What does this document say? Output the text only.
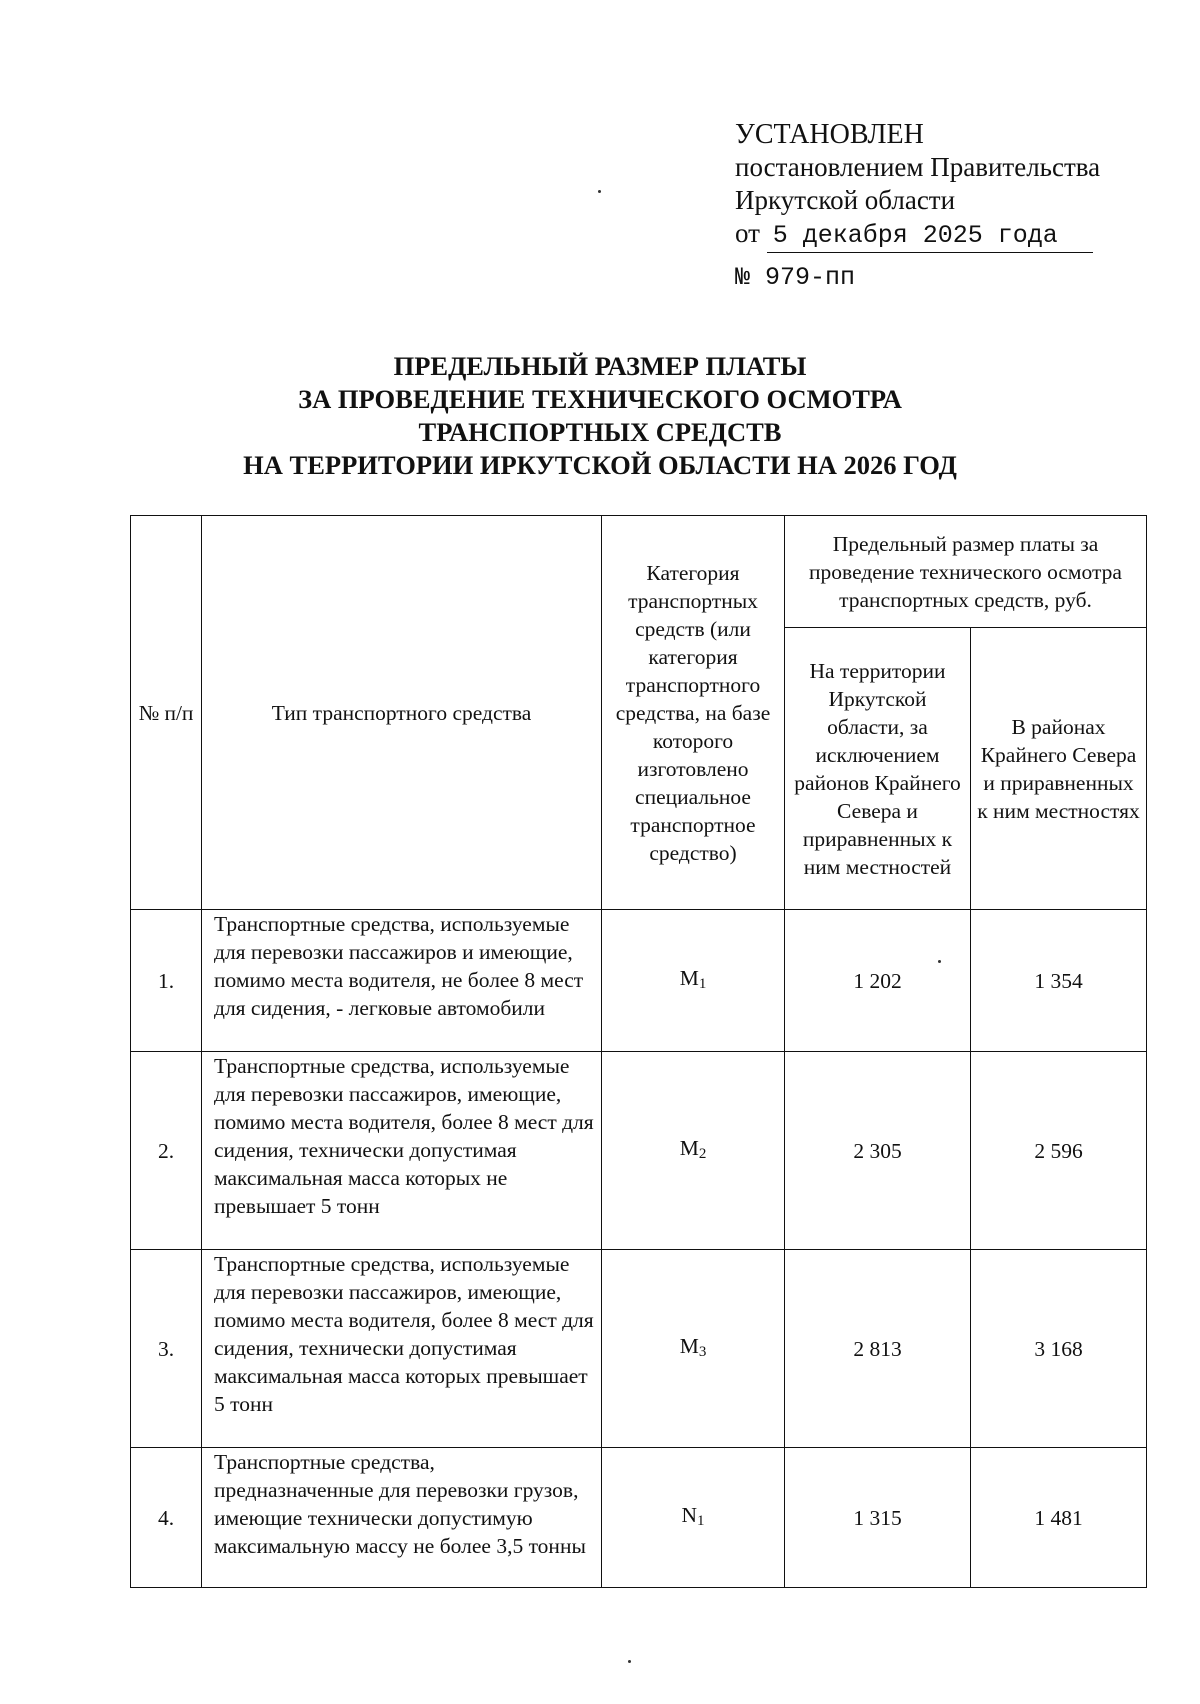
УСТАНОВЛЕН
постановлением Правительства
Иркутской области
от 5 декабря 2025 года
№ 979-пп
ПРЕДЕЛЬНЫЙ РАЗМЕР ПЛАТЫ
ЗА ПРОВЕДЕНИЕ ТЕХНИЧЕСКОГО ОСМОТРА
ТРАНСПОРТНЫХ СРЕДСТВ
НА ТЕРРИТОРИИ ИРКУТСКОЙ ОБЛАСТИ НА 2026 ГОД
№ п/п	Тип транспортного средства	Категория транспортных средств (или категория транспортного средства, на базе которого изготовлено специальное транспортное средство)	Предельный размер платы за проведение технического осмотра транспортных средств, руб.	

			На территории Иркутской области, за исключением районов Крайнего Севера и приравненных к ним местностей	В районах Крайнего Севера и приравненных к ним местностях

1.	Транспортные средства, используемые для перевозки пассажиров и имеющие, помимо места водителя, не более 8 мест для сидения, - легковые автомобили	$M_1$	1 202	1 354
2.	Транспортные средства, используемые для перевозки пассажиров, имеющие, помимо места водителя, более 8 мест для сидения, технически допустимая максимальная масса которых не превышает 5 тонн	$M_2$	2 305	2 596
3.	Транспортные средства, используемые для перевозки пассажиров, имеющие, помимо места водителя, более 8 мест для сидения, технически допустимая максимальная масса которых превышает 5 тонн	$M_3$	2 813	3 168
4.	Транспортные средства, предназначенные для перевозки грузов, имеющие технически допустимую максимальную массу не более 3,5 тонны	$N_1$	1 315	1 481
